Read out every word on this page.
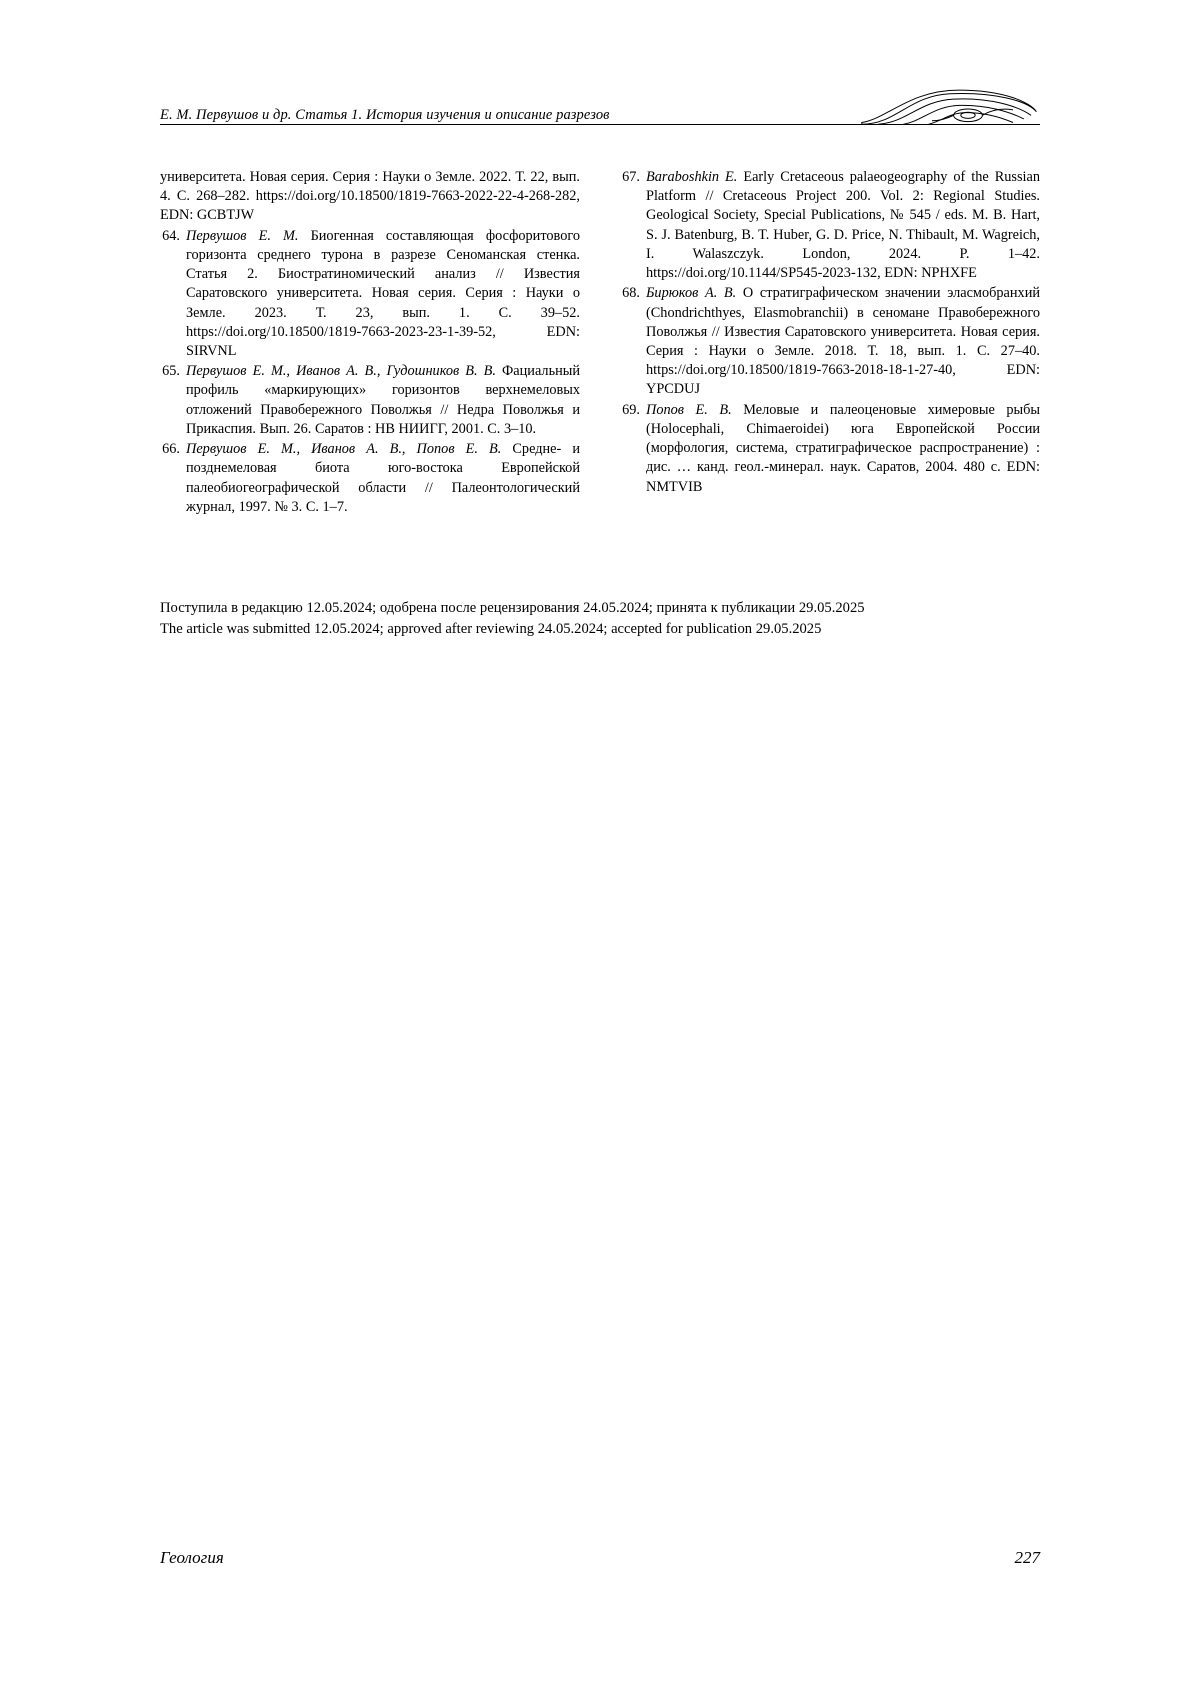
Е. М. Первушов и др. Статья 1. История изучения и описание разрезов
университета. Новая серия. Серия : Науки о Земле. 2022. Т. 22, вып. 4. С. 268–282. https://doi.org/10.18500/1819-7663-2022-22-4-268-282, EDN: GCBTJW
64. Первушов Е. М. Биогенная составляющая фосфоритового горизонта среднего турона в разрезе Сеноманская стенка. Статья 2. Биостратиномический анализ // Известия Саратовского университета. Новая серия. Серия : Науки о Земле. 2023. Т. 23, вып. 1. С. 39–52. https://doi.org/10.18500/1819-7663-2023-23-1-39-52, EDN: SIRVNL
65. Первушов Е. М., Иванов А. В., Гудошников В. В. Фациальный профиль «маркирующих» горизонтов верхнемеловых отложений Правобережного Поволжья // Недра Поволжья и Прикаспия. Вып. 26. Саратов : НВ НИИГГ, 2001. С. 3–10.
66. Первушов Е. М., Иванов А. В., Попов Е. В. Средне- и позднемеловая биота юго-востока Европейской палеобиогеографической области // Палеонтологический журнал, 1997. № 3. С. 1–7.
67. Baraboshkin E. Early Cretaceous palaeogeography of the Russian Platform // Cretaceous Project 200. Vol. 2: Regional Studies. Geological Society, Special Publications, № 545 / eds. M. B. Hart, S. J. Batenburg, B. T. Huber, G. D. Price, N. Thibault, M. Wagreich, I. Walaszczyk. London, 2024. P. 1–42. https://doi.org/10.1144/SP545-2023-132, EDN: NPHXFE
68. Бирюков А. В. О стратиграфическом значении эласмобранхий (Chondrichthyes, Elasmobranchii) в сеномане Правобережного Поволжья // Известия Саратовского университета. Новая серия. Серия : Науки о Земле. 2018. Т. 18, вып. 1. С. 27–40. https://doi.org/10.18500/1819-7663-2018-18-1-27-40, EDN: YPCDUJ
69. Попов Е. В. Меловые и палеоценовые химеровые рыбы (Holocephali, Chimaeroidei) юга Европейской России (морфология, система, стратиграфическое распространение) : дис. … канд. геол.-минерал. наук. Саратов, 2004. 480 с. EDN: NMTVIB
Поступила в редакцию 12.05.2024; одобрена после рецензирования 24.05.2024; принята к публикации 29.05.2025
The article was submitted 12.05.2024; approved after reviewing 24.05.2024; accepted for publication 29.05.2025
Геология	227
